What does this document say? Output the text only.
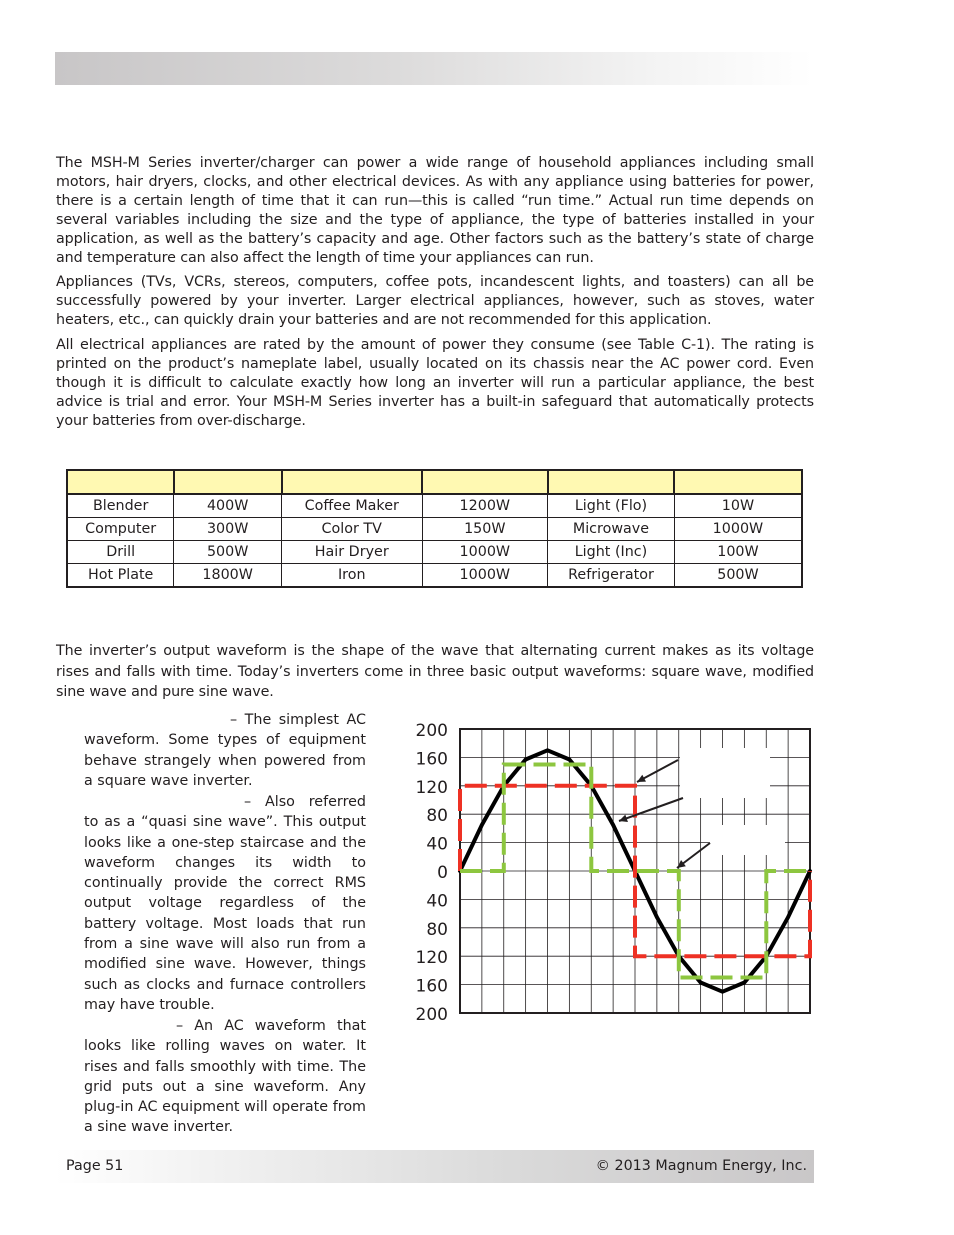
The MSH-M Series inverter/charger can power a wide range of household appliances including small motors, hair dryers, clocks, and other electrical devices. As with any appliance using batteries for power, there is a certain length of time that it can run—this is called “run time.” Actual run time depends on several variables including the size and the type of appliance, the type of batteries installed in your application, as well as the battery’s capacity and age. Other factors such as the battery’s state of charge and temperature can also affect the length of time your appliances can run.

Appliances (TVs, VCRs, stereos, computers, coffee pots, incandescent lights, and toasters) can all be successfully powered by your inverter. Larger electrical appliances, however, such as stoves, water heaters, etc., can quickly drain your batteries and are not recommended for this application.

All electrical appliances are rated by the amount of power they consume (see Table C-1). The rating is printed on the product’s nameplate label, usually located on its chassis near the AC power cord. Even though it is difficult to calculate exactly how long an inverter will run a particular appliance, the best advice is trial and error. Your MSH-M Series inverter has a built-in safeguard that automatically protects your batteries from over-discharge.

Blender	400W	Coffee Maker	1200W	Light (Flo)	10W
Computer	300W	Color TV	150W	Microwave	1000W
Drill	500W	Hair Dryer	1000W	Light (Inc)	100W
Hot Plate	1800W	Iron	1000W	Refrigerator	500W

The inverter’s output waveform is the shape of the wave that alternating current makes as its voltage rises and falls with time. Today’s inverters come in three basic output waveforms: square wave, modified sine wave and pure sine wave.

– The simplest AC waveform. Some types of equipment behave strangely when powered from a square wave inverter.

– Also referred to as a “quasi sine wave”. This output looks like a one-step staircase and the waveform changes its width to continually provide the correct RMS output voltage regardless of the battery voltage. Most loads that run from a sine wave will also run from a modified sine wave. However, things such as clocks and furnace controllers may have trouble.

– An AC waveform that looks like rolling waves on water. It rises and falls smoothly with time. The grid puts out a sine waveform. Any plug-in AC equipment will operate from a sine wave inverter.

200
160
120
80
40
0
40
80
120
160
200
Page 51	© 2013 Magnum Energy, Inc.
